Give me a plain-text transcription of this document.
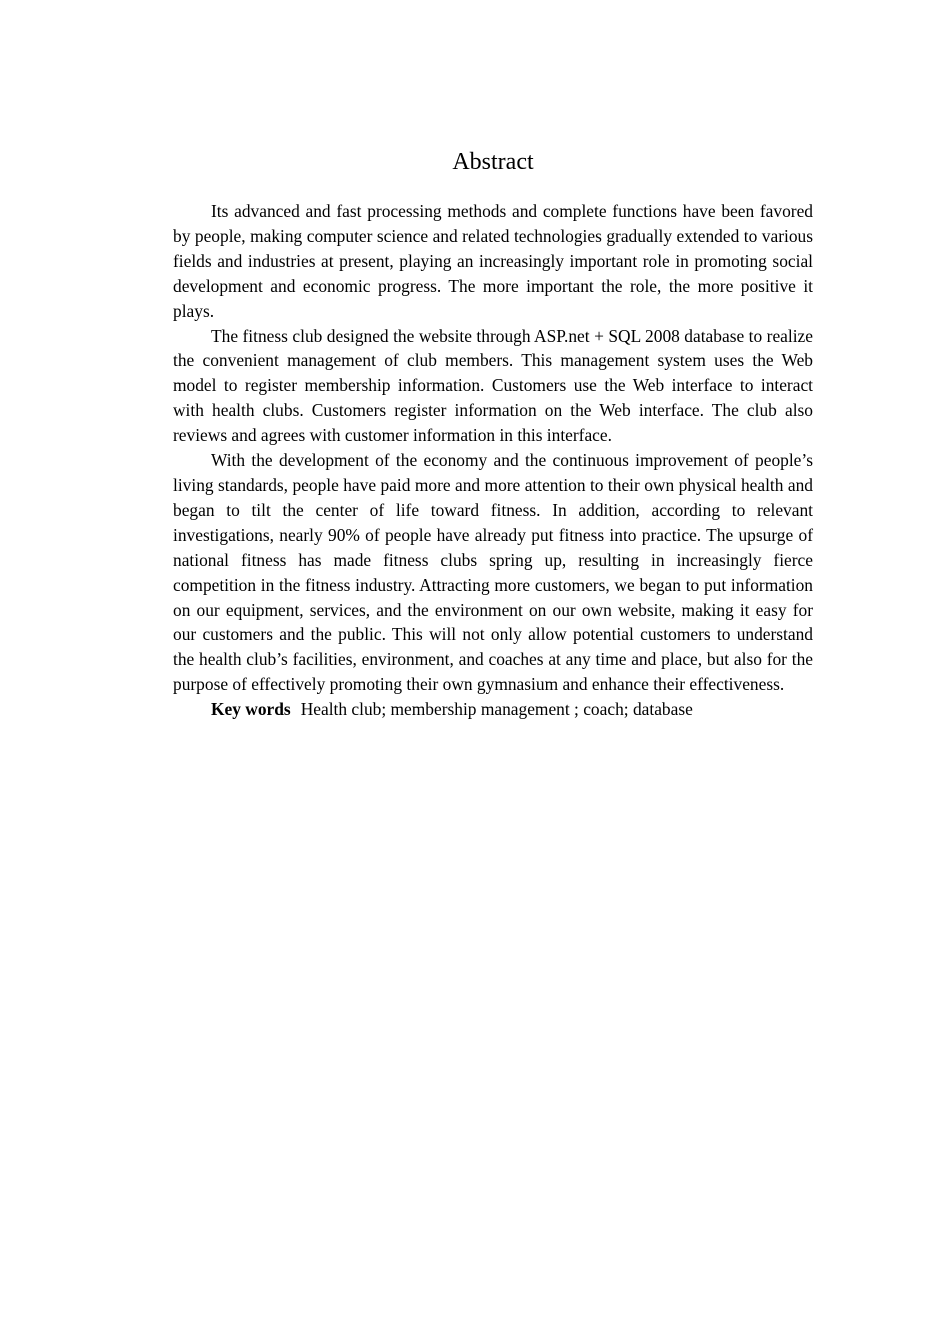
Abstract

Its advanced and fast processing methods and complete functions have been favored by people, making computer science and related technologies gradually extended to various fields and industries at present, playing an increasingly important role in promoting social development and economic progress. The more important the role, the more positive it plays.

The fitness club designed the website through ASP.net + SQL 2008 database to realize the convenient management of club members. This management system uses the Web model to register membership information. Customers use the Web interface to interact with health clubs. Customers register information on the Web interface. The club also reviews and agrees with customer information in this interface.

With the development of the economy and the continuous improvement of people’s living standards, people have paid more and more attention to their own physical health and began to tilt the center of life toward fitness. In addition, according to relevant investigations, nearly 90% of people have already put fitness into practice. The upsurge of national fitness has made fitness clubs spring up, resulting in increasingly fierce competition in the fitness industry. Attracting more customers, we began to put information on our equipment, services, and the environment on our own website, making it easy for our customers and the public. This will not only allow potential customers to understand the health club’s facilities, environment, and coaches at any time and place, but also for the purpose of effectively promoting their own gymnasium and enhance their effectiveness.

Key words Health club; membership management ; coach; database
